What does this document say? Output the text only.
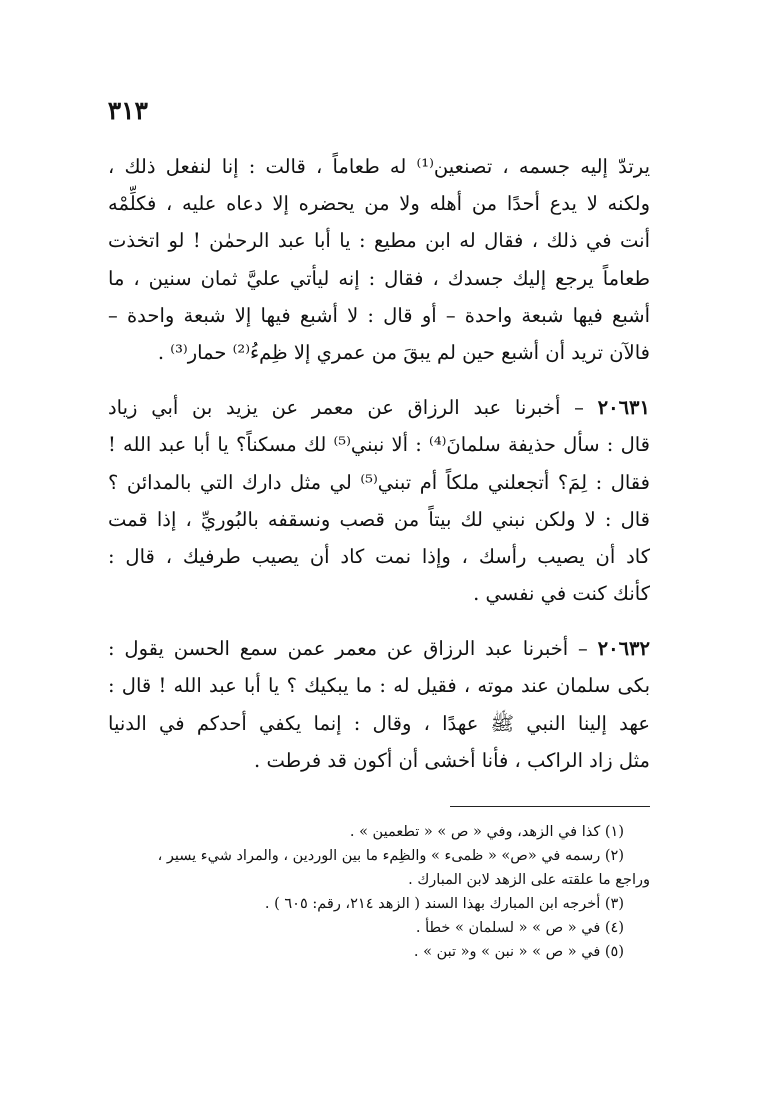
٣١٣
يرتدّ إليه جسمه ، تصنعين⁽¹⁾ له طعاماً ، قالت : إنا لنفعل ذلك ،
ولكنه لا يدع أحدًا من أهله ولا من يحضره إلا دعاه عليه ، فكلِّمْه
أنت في ذلك ، فقال له ابن مطيع : يا أبا عبد الرحمٰن ! لو اتخذت
طعاماً يرجع إليك جسدك ، فقال : إنه ليأتي عليَّ ثمان سنين ، ما
أشبع فيها شبعة واحدة – أو قال : لا أشبع فيها إلا شبعة واحدة –
فالآن تريد أن أشبع حين لم يبقَ من عمري إلا ظِمءُ⁽²⁾ حمار⁽³⁾ .
٢٠٦٣١ – أخبرنا عبد الرزاق عن معمر عن يزيد بن أبي زياد
قال : سأل حذيفة سلمانَ⁽⁴⁾ : ألا نبني⁽⁵⁾ لك مسكناً؟ يا أبا عبد الله !
فقال : لِمَ؟ أتجعلني ملكاً أم تبني⁽⁵⁾ لي مثل دارك التي بالمدائن ؟
قال : لا ولكن نبني لك بيتاً من قصب ونسقفه بالبُوريِّ ، إذا قمت
كاد أن يصيب رأسك ، وإذا نمت كاد أن يصيب طرفيك ، قال :
كأنك كنت في نفسي .
٢٠٦٣٢ – أخبرنا عبد الرزاق عن معمر عمن سمع الحسن يقول :
بكى سلمان عند موته ، فقيل له : ما يبكيك ؟ يا أبا عبد الله ! قال :
عهد إلينا النبي ﷺ عهدًا ، وقال : إنما يكفي أحدكم في الدنيا
مثل زاد الراكب ، فأنا أخشى أن أكون قد فرطت .
(١) كذا في الزهد، وفي « ص » « تطعمين » .
(٢) رسمه في «ص» « ظمىء » والظِمء ما بين الوردين ، والمراد شيء يسير ،
وراجع ما علقته على الزهد لابن المبارك .
(٣) أخرجه ابن المبارك بهذا السند ( الزهد ٢١٤، رقم: ٦٠٥ ) .
(٤) في « ص » « لسلمان » خطأ .
(٥) في « ص » « نبن » و« تبن » .
